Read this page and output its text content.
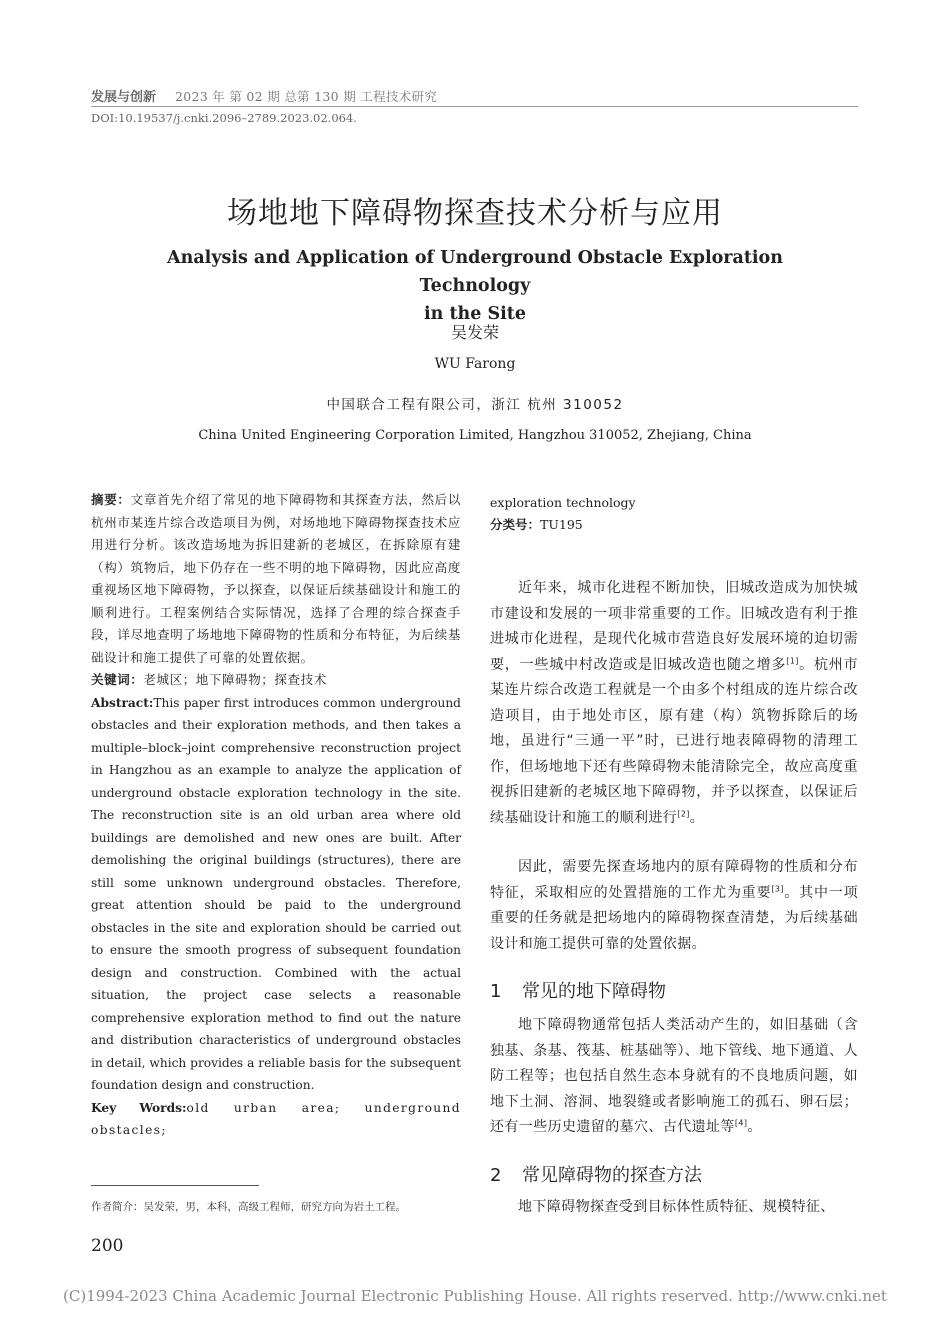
发展与创新 2023 年 第 02 期 总第 130 期 工程技术研究
DOI:10.19537/j.cnki.2096–2789.2023.02.064.
场地地下障碍物探查技术分析与应用
Analysis and Application of Underground Obstacle Exploration Technology
in the Site
吴发荣
WU Farong
中国联合工程有限公司，浙江 杭州 310052
China United Engineering Corporation Limited, Hangzhou 310052, Zhejiang, China
摘要：文章首先介绍了常见的地下障碍物和其探查方法，然后以杭州市某连片综合改造项目为例，对场地地下障碍物探查技术应用进行分析。该改造场地为拆旧建新的老城区，在拆除原有建（构）筑物后，地下仍存在一些不明的地下障碍物，因此应高度重视场区地下障碍物，予以探查，以保证后续基础设计和施工的顺利进行。工程案例结合实际情况，选择了合理的综合探查手段，详尽地查明了场地地下障碍物的性质和分布特征，为后续基础设计和施工提供了可靠的处置依据。
关键词：老城区；地下障碍物；探查技术
Abstract:This paper first introduces common underground obstacles and their exploration methods, and then takes a multiple–block–joint comprehensive reconstruction project in Hangzhou as an example to analyze the application of underground obstacle exploration technology in the site. The reconstruction site is an old urban area where old buildings are demolished and new ones are built. After demolishing the original buildings (structures), there are still some unknown underground obstacles. Therefore, great attention should be paid to the underground obstacles in the site and exploration should be carried out to ensure the smooth progress of subsequent foundation design and construction. Combined with the actual situation, the project case selects a reasonable comprehensive exploration method to find out the nature and distribution characteristics of underground obstacles in detail, which provides a reliable basis for the subsequent foundation design and construction.
Key Words:old urban area; underground obstacles;
作者简介：吴发荣，男，本科，高级工程师，研究方向为岩土工程。
200
exploration technology
分类号：TU195

近年来，城市化进程不断加快，旧城改造成为加快城市建设和发展的一项非常重要的工作。旧城改造有利于推进城市化进程，是现代化城市营造良好发展环境的迫切需要，一些城中村改造或是旧城改造也随之增多[1]。杭州市某连片综合改造工程就是一个由多个村组成的连片综合改造项目，由于地处市区，原有建（构）筑物拆除后的场地，虽进行“三通一平”时，已进行地表障碍物的清理工作，但场地地下还有些障碍物未能清除完全，故应高度重视拆旧建新的老城区地下障碍物，并予以探查，以保证后续基础设计和施工的顺利进行[2]。

因此，需要先探查场地内的原有障碍物的性质和分布特征，采取相应的处置措施的工作尤为重要[3]。其中一项重要的任务就是把场地内的障碍物探查清楚，为后续基础设计和施工提供可靠的处置依据。

1 常见的地下障碍物

地下障碍物通常包括人类活动产生的，如旧基础（含独基、条基、筏基、桩基础等）、地下管线、地下通道、人防工程等；也包括自然生态本身就有的不良地质问题，如地下土洞、溶洞、地裂缝或者影响施工的孤石、卵石层；还有一些历史遗留的墓穴、古代遗址等[4]。

2 常见障碍物的探查方法

地下障碍物探查受到目标体性质特征、规模特征、

(C)1994-2023 China Academic Journal Electronic Publishing House. All rights reserved. http://www.cnki.net
